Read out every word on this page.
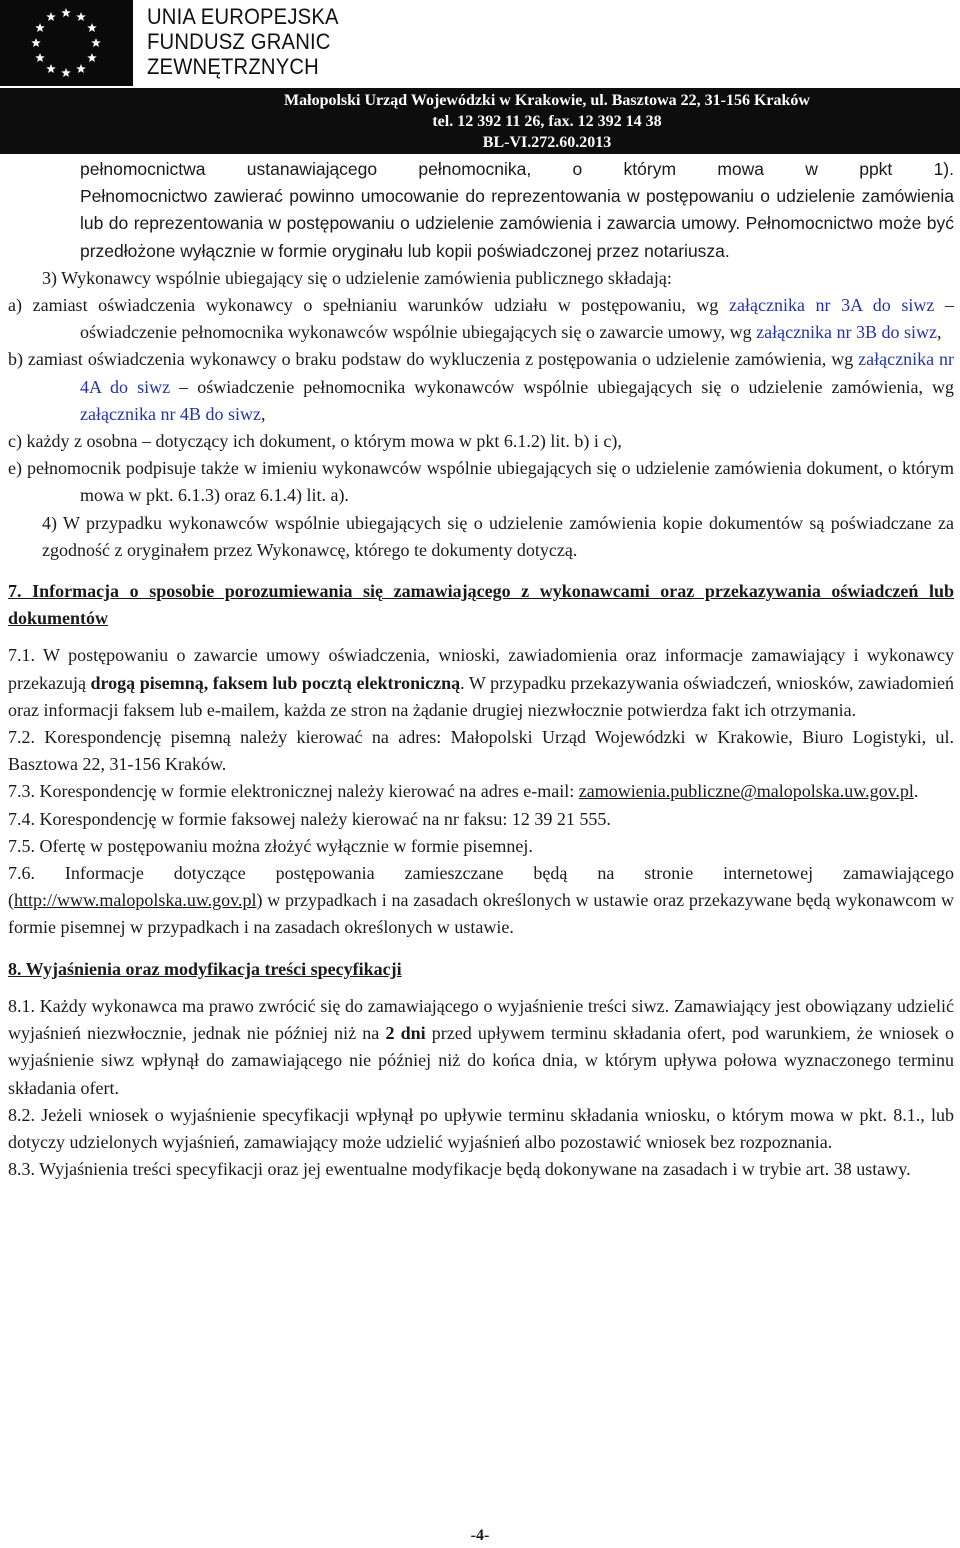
UNIA EUROPEJSKA
FUNDUSZ GRANIC
ZEWNĘTRZNYCH
Małopolski Urząd Wojewódzki w Krakowie, ul. Basztowa 22, 31-156 Kraków
tel. 12 392 11 26, fax. 12 392 14 38
BL-VI.272.60.2013

pełnomocnictwa ustanawiającego pełnomocnika, o którym mowa w ppkt 1).

Pełnomocnictwo zawierać powinno umocowanie do reprezentowania w postępowaniu o udzielenie zamówienia lub do reprezentowania w postępowaniu o udzielenie zamówienia i zawarcia umowy. Pełnomocnictwo może być przedłożone wyłącznie w formie oryginału lub kopii poświadczonej przez notariusza.

3) Wykonawcy wspólnie ubiegający się o udzielenie zamówienia publicznego składają:

a) zamiast oświadczenia wykonawcy o spełnianiu warunków udziału w postępowaniu, wg załącznika nr 3A do siwz – oświadczenie pełnomocnika wykonawców wspólnie ubiegających się o zawarcie umowy, wg załącznika nr 3B do siwz,

b) zamiast oświadczenia wykonawcy o braku podstaw do wykluczenia z postępowania o udzielenie zamówienia, wg załącznika nr 4A do siwz – oświadczenie pełnomocnika wykonawców wspólnie ubiegających się o udzielenie zamówienia, wg załącznika nr 4B do siwz,

c) każdy z osobna – dotyczący ich dokument, o którym mowa w pkt 6.1.2) lit. b) i c),

e) pełnomocnik podpisuje także w imieniu wykonawców wspólnie ubiegających się o udzielenie zamówienia dokument, o którym mowa w pkt. 6.1.3) oraz 6.1.4) lit. a).

4) W przypadku wykonawców wspólnie ubiegających się o udzielenie zamówienia kopie dokumentów są poświadczane za zgodność z oryginałem przez Wykonawcę, którego te dokumenty dotyczą.

7. Informacja o sposobie porozumiewania się zamawiającego z wykonawcami oraz przekazywania oświadczeń lub dokumentów

7.1. W postępowaniu o zawarcie umowy oświadczenia, wnioski, zawiadomienia oraz informacje zamawiający i wykonawcy przekazują drogą pisemną, faksem lub pocztą elektroniczną. W przypadku przekazywania oświadczeń, wniosków, zawiadomień oraz informacji faksem lub e-mailem, każda ze stron na żądanie drugiej niezwłocznie potwierdza fakt ich otrzymania.

7.2. Korespondencję pisemną należy kierować na adres: Małopolski Urząd Wojewódzki w Krakowie, Biuro Logistyki, ul. Basztowa 22, 31-156 Kraków.

7.3. Korespondencję w formie elektronicznej należy kierować na adres e-mail: zamowienia.publiczne@malopolska.uw.gov.pl.

7.4. Korespondencję w formie faksowej należy kierować na nr faksu: 12 39 21 555.

7.5. Ofertę w postępowaniu można złożyć wyłącznie w formie pisemnej.

7.6. Informacje dotyczące postępowania zamieszczane będą na stronie internetowej zamawiającego (http://www.malopolska.uw.gov.pl) w przypadkach i na zasadach określonych w ustawie oraz przekazywane będą wykonawcom w formie pisemnej w przypadkach i na zasadach określonych w ustawie.

8. Wyjaśnienia oraz modyfikacja treści specyfikacji

8.1. Każdy wykonawca ma prawo zwrócić się do zamawiającego o wyjaśnienie treści siwz. Zamawiający jest obowiązany udzielić wyjaśnień niezwłocznie, jednak nie później niż na 2 dni przed upływem terminu składania ofert, pod warunkiem, że wniosek o wyjaśnienie siwz wpłynął do zamawiającego nie później niż do końca dnia, w którym upływa połowa wyznaczonego terminu składania ofert.

8.2. Jeżeli wniosek o wyjaśnienie specyfikacji wpłynął po upływie terminu składania wniosku, o którym mowa w pkt. 8.1., lub dotyczy udzielonych wyjaśnień, zamawiający może udzielić wyjaśnień albo pozostawić wniosek bez rozpoznania.

8.3. Wyjaśnienia treści specyfikacji oraz jej ewentualne modyfikacje będą dokonywane na zasadach i w trybie art. 38 ustawy.

-4-
